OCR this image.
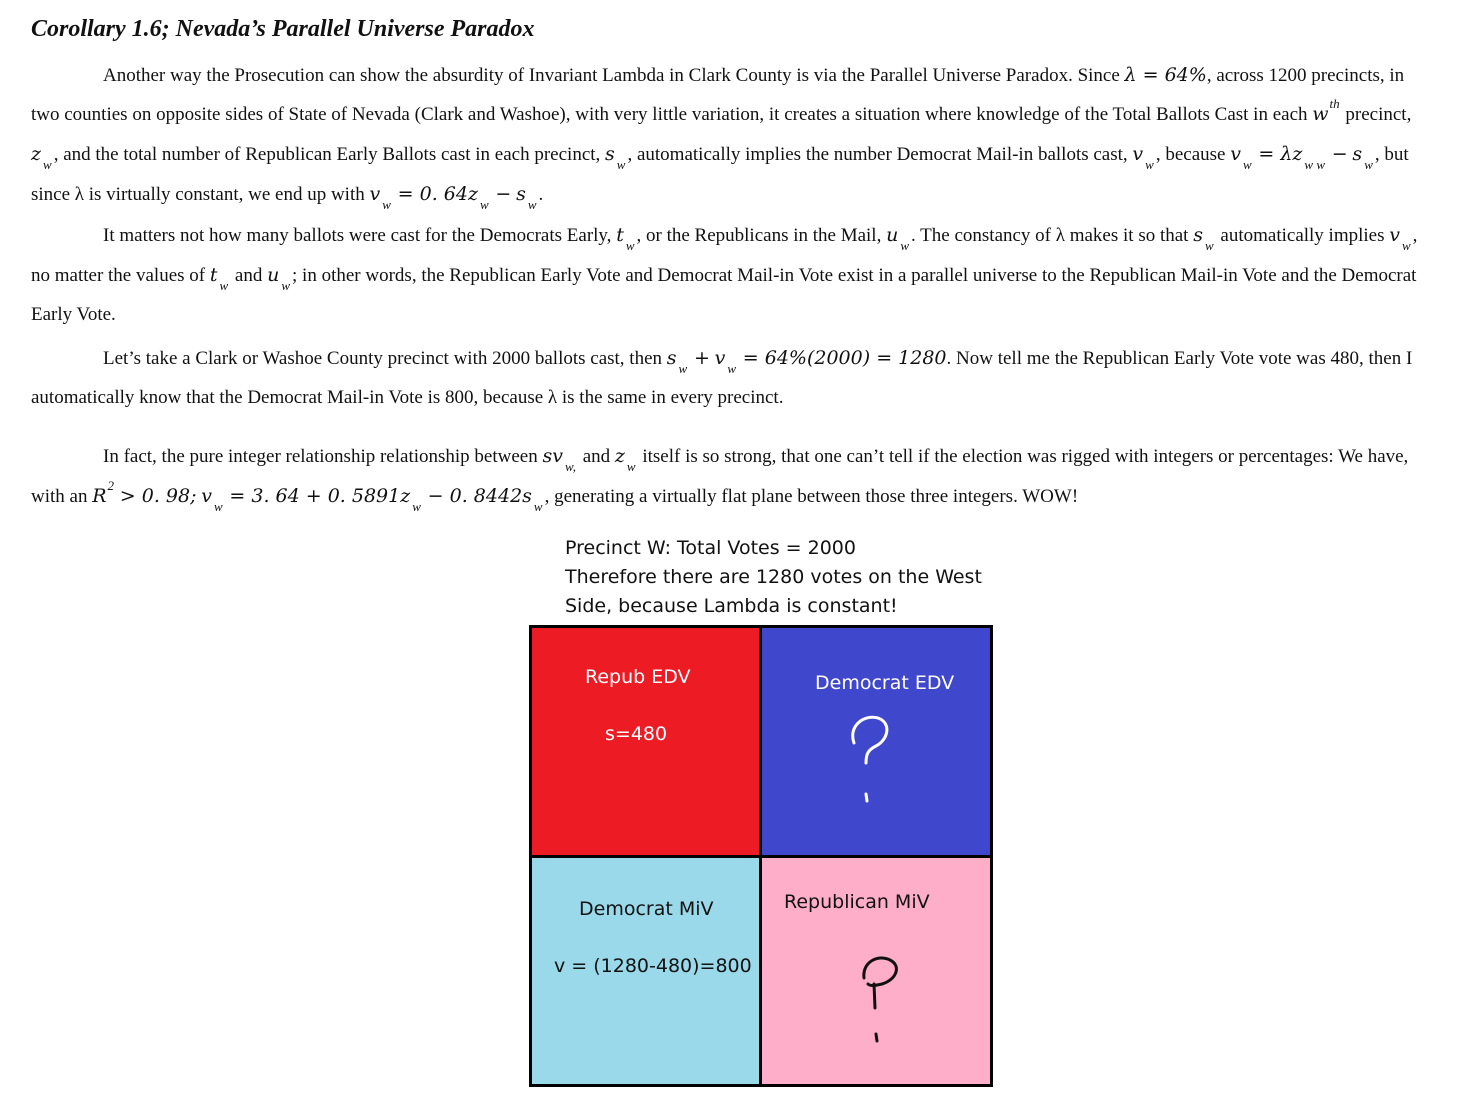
Corollary 1.6; Nevada’s Parallel Universe Paradox

Another way the Prosecution can show the absurdity of Invariant Lambda in Clark County is via the Parallel Universe Paradox. Since λ = 64%, across 1200 precincts, in two counties on opposite sides of State of Nevada (Clark and Washoe), with very little variation, it creates a situation where knowledge of the Total Ballots Cast in each $w^{th}$ precinct, z $_w$ , and the total number of Republican Early Ballots cast in each precinct, s $_w$ , automatically implies the number Democrat Mail-in ballots cast, v $_w$ , because v $_w$ = λz $_{w w}$ − s $_w$ , but since λ is virtually constant, we end up with v $_w$ = 0. 64z $_w$ − s $_w$ .

It matters not how many ballots were cast for the Democrats Early, t $_w$ , or the Republicans in the Mail, u $_w$ . The constancy of λ makes it so that s $_w$ automatically implies v $_w$ , no matter the values of t $_w$ and u $_w$ ; in other words, the Republican Early Vote and Democrat Mail-in Vote exist in a parallel universe to the Republican Mail-in Vote and the Democrat Early Vote.

Let’s take a Clark or Washoe County precinct with 2000 ballots cast, then s $_w$ + v $_w$ = 64%(2000) = 1280. Now tell me the Republican Early Vote vote was 480, then I automatically know that the Democrat Mail-in Vote is 800, because λ is the same in every precinct.

In fact, the pure integer relationship relationship between sv $_{w,}$ and z $_w$ itself is so strong, that one can’t tell if the election was rigged with integers or percentages: We have, with an $R^2 > 0$. 98; v $_w$ = 3. 64 + 0. 5891z $_w$ − 0. 8442s $_w$ , generating a virtually flat plane between those three integers. WOW!

Precinct W: Total Votes = 2000
Therefore there are 1280 votes on the West
Side, because Lambda is constant!
Repub EDV
s=480
Democrat EDV
Democrat MiV
v = (1280-480)=800
Republican MiV
